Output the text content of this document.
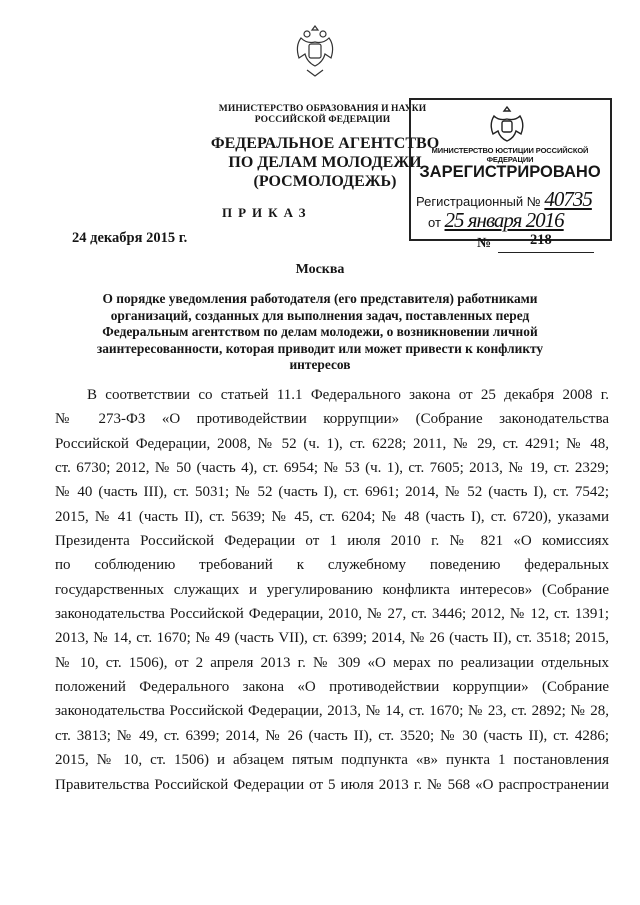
МИНИСТЕРСТВО ОБРАЗОВАНИЯ И НАУКИ
РОССИЙСКОЙ ФЕДЕРАЦИИ
ФЕДЕРАЛЬНОЕ АГЕНТСТВО
ПО ДЕЛАМ МОЛОДЕЖИ
(РОСМОЛОДЕЖЬ)
МИНИСТЕРСТВО ЮСТИЦИИ РОССИЙСКОЙ ФЕДЕРАЦИИ
ЗАРЕГИСТРИРОВАНО
Регистрационный № 40735
от 25 января 2016
ПРИКАЗ
24 декабря 2015 г.	№	218
Москва
О порядке уведомления работодателя (его представителя) работниками
организаций, созданных для выполнения задач, поставленных перед
Федеральным агентством по делам молодежи, о возникновении личной
заинтересованности, которая приводит или может привести к конфликту
интересов
В соответствии со статьей 11.1 Федерального закона от 25 декабря 2008 г.
№ 273-ФЗ «О противодействии коррупции» (Собрание законодательства
Российской Федерации, 2008, № 52 (ч. 1), ст. 6228; 2011, № 29, ст. 4291; № 48,
ст. 6730; 2012, № 50 (часть 4), ст. 6954; № 53 (ч. 1), ст. 7605; 2013, № 19, ст. 2329;
№ 40 (часть III), ст. 5031; № 52 (часть I), ст. 6961; 2014, № 52 (часть I), ст. 7542;
2015, № 41 (часть II), ст. 5639; № 45, ст. 6204; № 48 (часть I), ст. 6720), указами
Президента Российской Федерации от 1 июля 2010 г. № 821 «О комиссиях
по соблюдению требований к служебному поведению федеральных
государственных служащих и урегулированию конфликта интересов» (Собрание
законодательства Российской Федерации, 2010, № 27, ст. 3446; 2012, № 12, ст. 1391;
2013, № 14, ст. 1670; № 49 (часть VII), ст. 6399; 2014, № 26 (часть II), ст. 3518; 2015,
№ 10, ст. 1506), от 2 апреля 2013 г. № 309 «О мерах по реализации отдельных
положений Федерального закона «О противодействии коррупции» (Собрание
законодательства Российской Федерации, 2013, № 14, ст. 1670; № 23, ст. 2892; № 28,
ст. 3813; № 49, ст. 6399; 2014, № 26 (часть II), ст. 3520; № 30 (часть II), ст. 4286;
2015, № 10, ст. 1506) и абзацем пятым подпункта «в» пункта 1 постановления
Правительства Российской Федерации от 5 июля 2013 г. № 568 «О распространении
